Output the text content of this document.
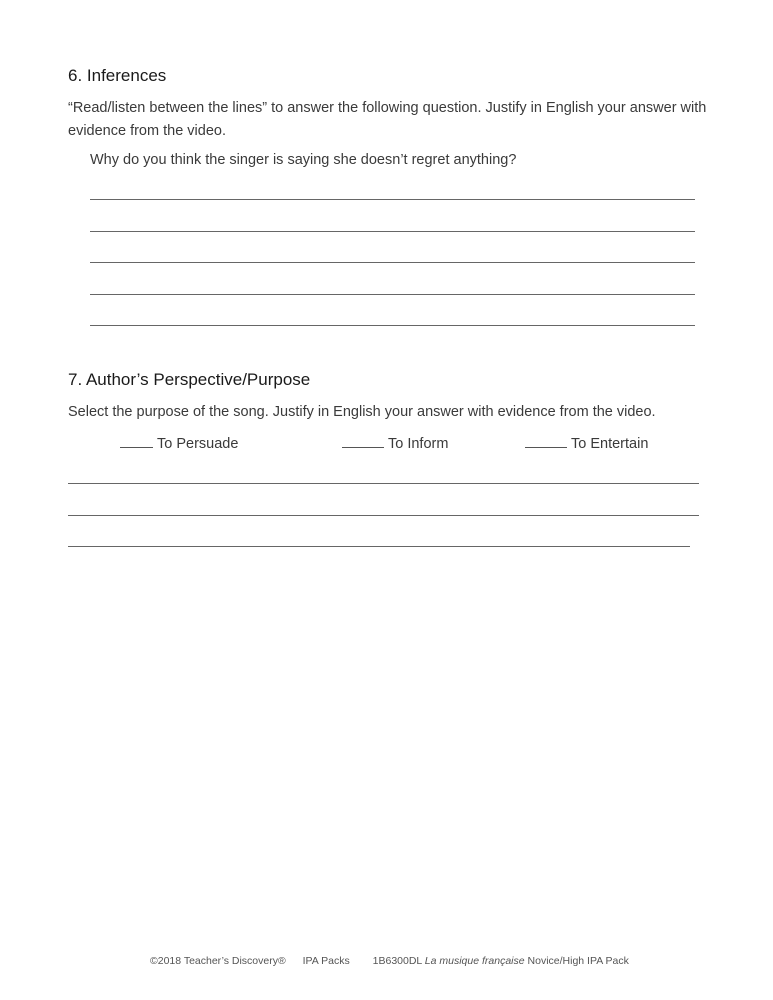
6. Inferences
“Read/listen between the lines” to answer the following question. Justify in English your answer with evidence from the video.
Why do you think the singer is saying she doesn’t regret anything?
7. Author’s Perspective/Purpose
Select the purpose of the song. Justify in English your answer with evidence from the video.
To Persuade	To Inform	To Entertain
©2018 Teacher’s Discovery® IPA Packs 1B6300DL La musique française Novice/High IPA Pack
